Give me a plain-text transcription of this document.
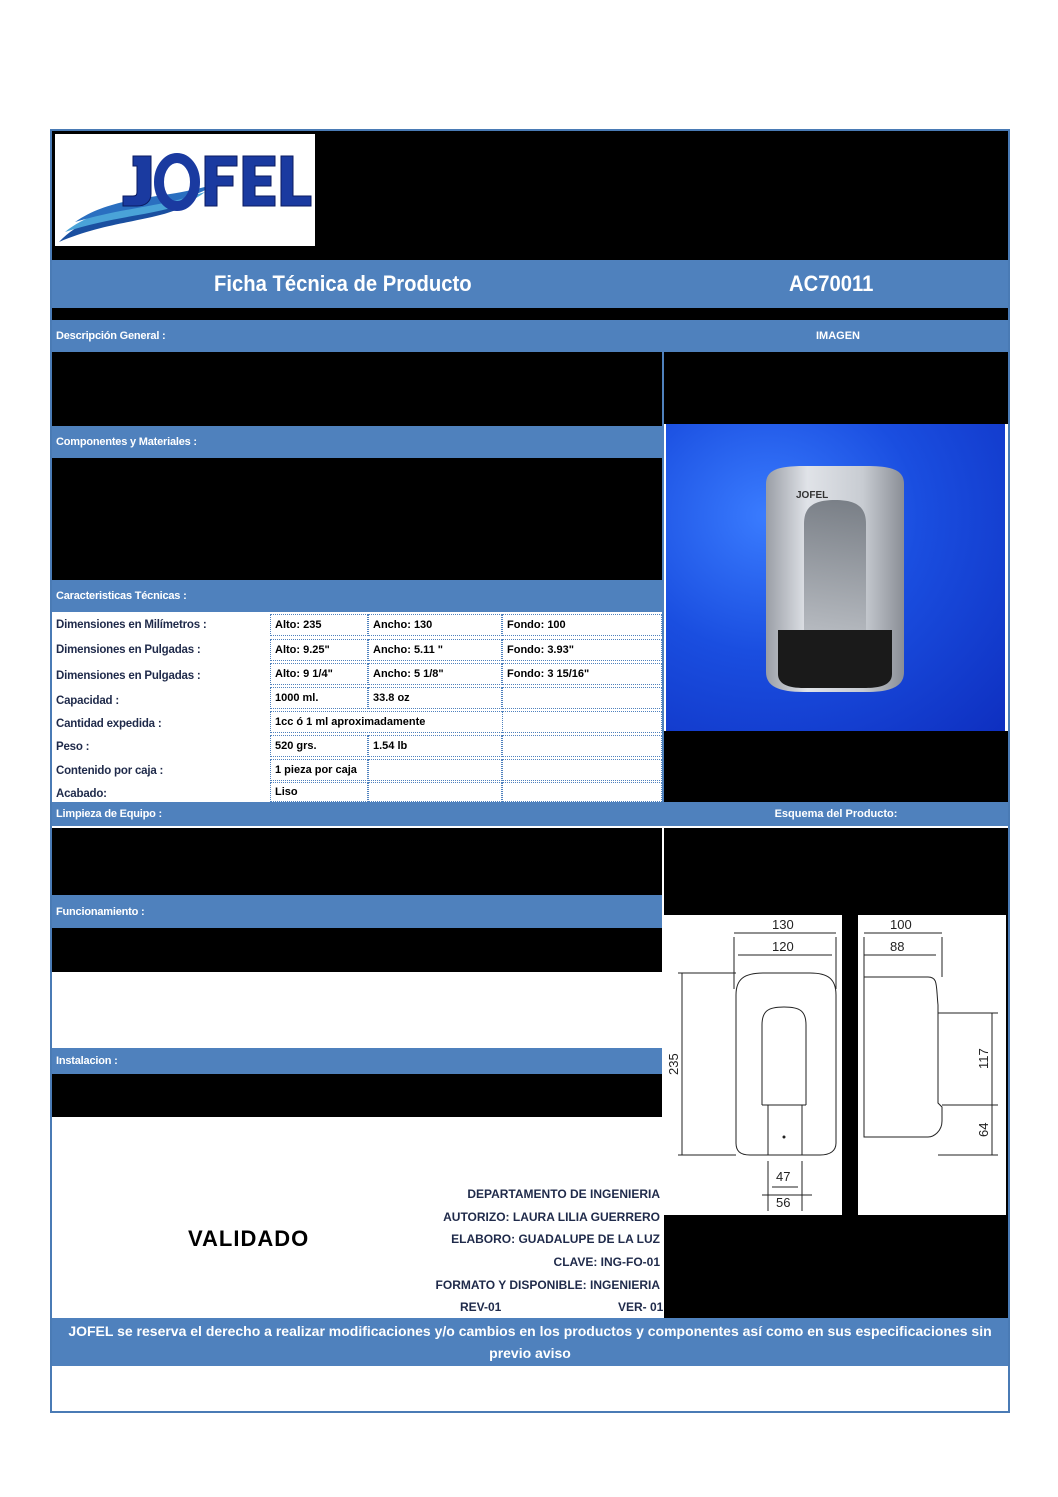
Ficha Técnica de Producto	AC70011
Descripción General :	IMAGEN
JOFEL
Componentes y Materiales :
Caracteristicas Técnicas :
Dimensiones en Milímetros :	Alto: 235	Ancho: 130	Fondo: 100
Dimensiones en Pulgadas :	Alto: 9.25"	Ancho: 5.11 "	Fondo: 3.93"
Dimensiones en Pulgadas :	Alto: 9 1/4"	Ancho: 5 1/8"	Fondo: 3 15/16"
Capacidad :	1000 ml.	33.8 oz
Cantidad expedida :	1cc ó 1 ml aproximadamente
Peso :	520 grs.	1.54 lb
Contenido por caja :	1 pieza por caja
Acabado:	Liso
Limpieza de Equipo :	Esquema del Producto:
Funcionamiento :
Instalacion :
130
120
235
47
56
100
88
117
64
VALIDADO
DEPARTAMENTO DE INGENIERIA
AUTORIZO: LAURA LILIA GUERRERO
ELABORO: GUADALUPE DE LA LUZ
CLAVE: ING-FO-01
FORMATO Y DISPONIBLE: INGENIERIA
REV-01	VER- 01
JOFEL se reserva el derecho a realizar modificaciones y/o cambios en los productos y componentes así como en sus especificaciones sin previo aviso
